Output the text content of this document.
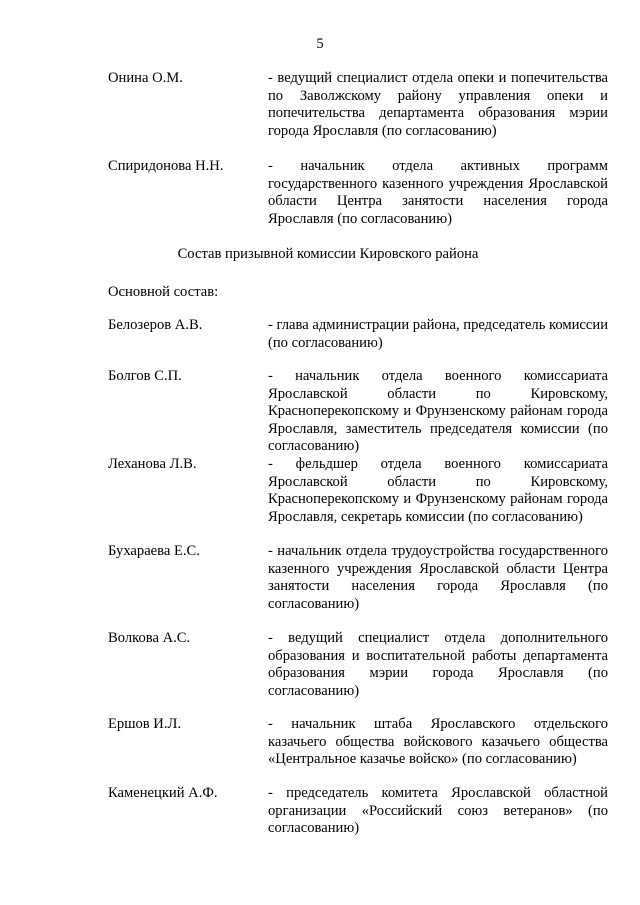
5
Онина О.М.	- ведущий специалист отдела опеки и попечительства по Заволжскому району управления опеки и попечительства департамента образования мэрии города Ярославля (по согласованию)
Спиридонова Н.Н.	- начальник отдела активных программ государственного казенного учреждения Ярославской области Центра занятости населения города Ярославля (по согласованию)
Состав призывной комиссии Кировского района
Основной состав:
Белозеров А.В.	- глава администрации района, председатель комиссии (по согласованию)
Болгов С.П.	- начальник отдела военного комиссариата Ярославской области по Кировскому, Красноперекопскому и Фрунзенскому районам города Ярославля, заместитель председателя комиссии (по согласованию)
Леханова Л.В.	- фельдшер отдела военного комиссариата Ярославской области по Кировскому, Красноперекопскому и Фрунзенскому районам города Ярославля, секретарь комиссии (по согласованию)
Бухараева Е.С.	- начальник отдела трудоустройства государственного казенного учреждения Ярославской области Центра занятости населения города Ярославля (по согласованию)
Волкова А.С.	- ведущий специалист отдела дополнительного образования и воспитательной работы департамента образования мэрии города Ярославля (по согласованию)
Ершов И.Л.	- начальник штаба Ярославского отдельского казачьего общества войскового казачьего общества «Центральное казачье войско» (по согласованию)
Каменецкий А.Ф.	- председатель комитета Ярославской областной организации «Российский союз ветеранов» (по согласованию)
